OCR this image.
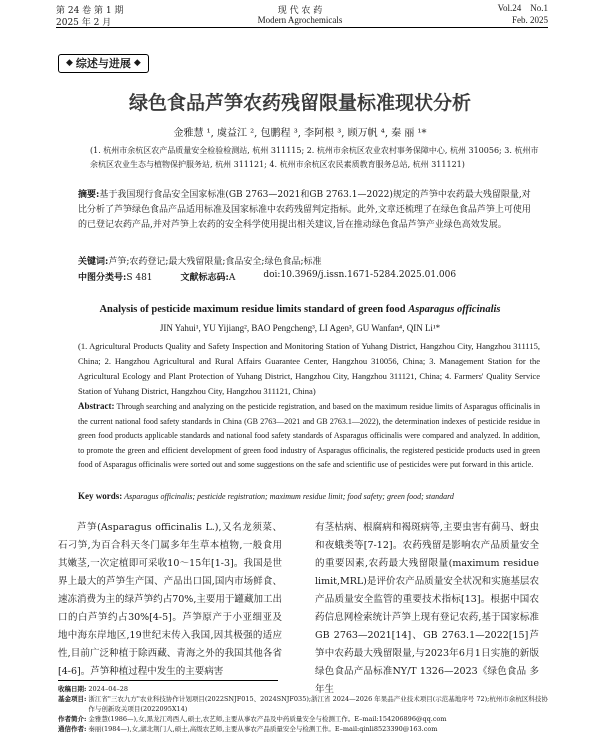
第 24 卷 第 1 期
2025 年 2 月
现 代 农 药
Modern Agrochemicals
Vol.24    No.1
Feb. 2025
◆ 综述与进展 ◆
绿色食品芦笋农药残留限量标准现状分析
金雅慧 ¹, 虞益江 ², 包鹏程 ³, 李阿根 ³, 顾万帆 ⁴, 秦 丽 ¹*
(1. 杭州市余杭区农产品质量安全检验检测站, 杭州 311115; 2. 杭州市余杭区农业农村事务保障中心, 杭州 310056; 3. 杭州市余杭区农业生态与植物保护服务站, 杭州 311121; 4. 杭州市余杭区农民素质教育服务总站, 杭州 311121)
摘要:基于我国现行食品安全国家标准(GB 2763—2021和GB 2763.1—2022)规定的芦笋中农药最大残留限量,对比分析了芦笋绿色食品产品适用标准及国家标准中农药残留判定指标。此外,文章还梳理了在绿色食品芦笋上可使用的已登记农药产品,并对芦笋上农药的安全科学使用提出相关建议,旨在推动绿色食品芦笋产业绿色高效发展。
关键词:芦笋;农药登记;最大残留限量;食品安全;绿色食品;标准
中图分类号:S 481	文献标志码:A	doi:10.3969/j.issn.1671-5284.2025.01.006
Analysis of pesticide maximum residue limits standard of green food Asparagus officinalis
JIN Yahui¹, YU Yijiang², BAO Pengcheng³, LI Agen³, GU Wanfan⁴, QIN Li¹*
(1. Agricultural Products Quality and Safety Inspection and Monitoring Station of Yuhang District, Hangzhou City, Hangzhou 311115, China; 2. Hangzhou Agricultural and Rural Affairs Guarantee Center, Hangzhou 310056, China; 3. Management Station for the Agricultural Ecology and Plant Protection of Yuhang District, Hangzhou City, Hangzhou 311121, China; 4. Farmers' Quality Service Station of Yuhang District, Hangzhou City, Hangzhou 311121, China)
Abstract: Through searching and analyzing on the pesticide registration, and based on the maximum residue limits of Asparagus officinalis in the current national food safety standards in China (GB 2763—2021 and GB 2763.1—2022), the determination indexes of pesticide residue in green food products applicable standards and national food safety standards of Asparagus officinalis were compared and analyzed. In addition, to promote the green and efficient development of green food industry of Asparagus officinalis, the registered pesticide products used in green food of Asparagus officinalis were sorted out and some suggestions on the safe and scientific use of pesticides were put forward in this article.
Key words: Asparagus officinalis; pesticide registration; maximum residue limit; food safety; green food; standard
芦笋(Asparagus officinalis L.),又名龙须菜、石刁笋,为百合科天冬门属多年生草本植物,一般食用其嫩茎,一次定植即可采收10～15年[1-3]。我国是世界上最大的芦笋生产国、产品出口国,国内市场鲜食、速冻消费为主的绿芦笋约占70%,主要用于罐藏加工出口的白芦笋约占30%[4-5]。芦笋原产于小亚细亚及地中海东岸地区,19世纪末传入我国,因其极强的适应性,目前广泛种植于除西藏、青海之外的我国其他各省[4-6]。芦笋种植过程中发生的主要病害
有茎枯病、根腐病和褐斑病等,主要虫害有蓟马、蚜虫和夜蛾类等[7-12]。农药残留是影响农产品质量安全的重要因素,农药最大残留限量(maximum residue limit,MRL)是评价农产品质量安全状况和实施基层农产品质量安全监管的重要技术指标[13]。根据中国农药信息网检索统计芦笋上现有登记农药,基于国家标准GB 2763—2021[14]、GB 2763.1—2022[15]芦笋中农药最大残留限量,与2023年6月1日实施的新版绿色食品产品标准NY/T 1326—2023《绿色食品 多年生
收稿日期: 2024–04–28
基金项目: 浙江省"三农九方"农业科技协作计划项目(2022SNJF015、2024SNJF035);浙江省 2024—2026 年果品产业技术项目(示范基地序号 72);杭州市余杭区科技协作与创新攻关项目(2022095X14)
作者简介: 金雅慧(1986—),女,黑龙江鸡西人,硕士,农艺师,主要从事农产品及中药质量安全与检测工作。E–mail:154206896@qq.com
通信作者: 秦丽(1984—),女,湖北荆门人,硕士,高级农艺师,主要从事农产品质量安全与检测工作。E–mail:qinli8523390@163.com
